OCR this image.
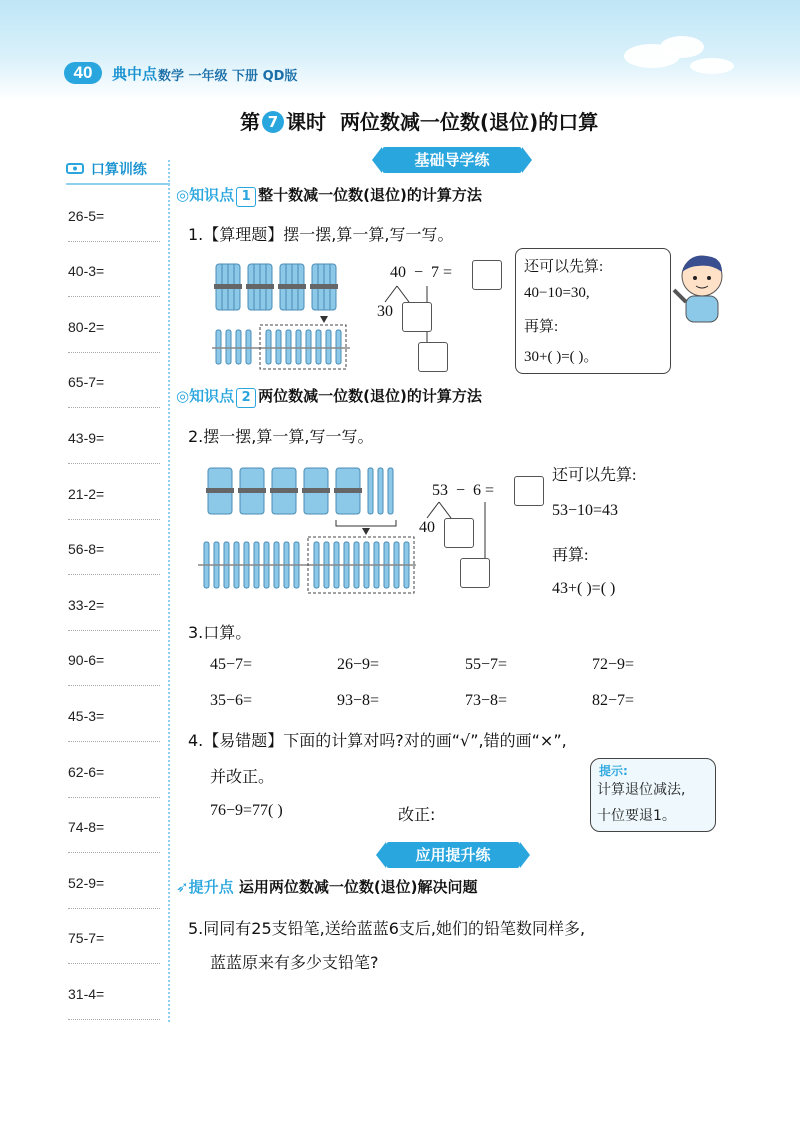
40	典中点 数学 一年级 下册 QD版
第 7 课时 两位数减一位数(退位)的口算
口算训练
26-5=
40-3=
80-2=
65-7=
43-9=
21-2=
56-8=
33-2=
90-6=
45-3=
62-6=
74-8=
52-9=
75-7=
31-4=
基础导学练
◎知识点 1 整十数减一位数(退位)的计算方法
1.【算理题】摆一摆,算一算,写一写。
40 − 7 =
30
还可以先算:
40−10=30,
再算:
30+( )=( )。
◎知识点 2 两位数减一位数(退位)的计算方法
2.摆一摆,算一算,写一写。
53 − 6 =
40
还可以先算:
53−10=43
再算:
43+( )=( )
3.口算。
45−7=	26−9=	55−7=	72−9=
35−6=	93−8=	73−8=	82−7=
4.【易错题】下面的计算对吗?对的画“√”,错的画“×”,
并改正。
76−9=77( )	改正:
提示:
计算退位减法,
十位要退1。
应用提升练
➶提升点 运用两位数减一位数(退位)解决问题
5.同同有25支铅笔,送给蓝蓝6支后,她们的铅笔数同样多,
蓝蓝原来有多少支铅笔?
